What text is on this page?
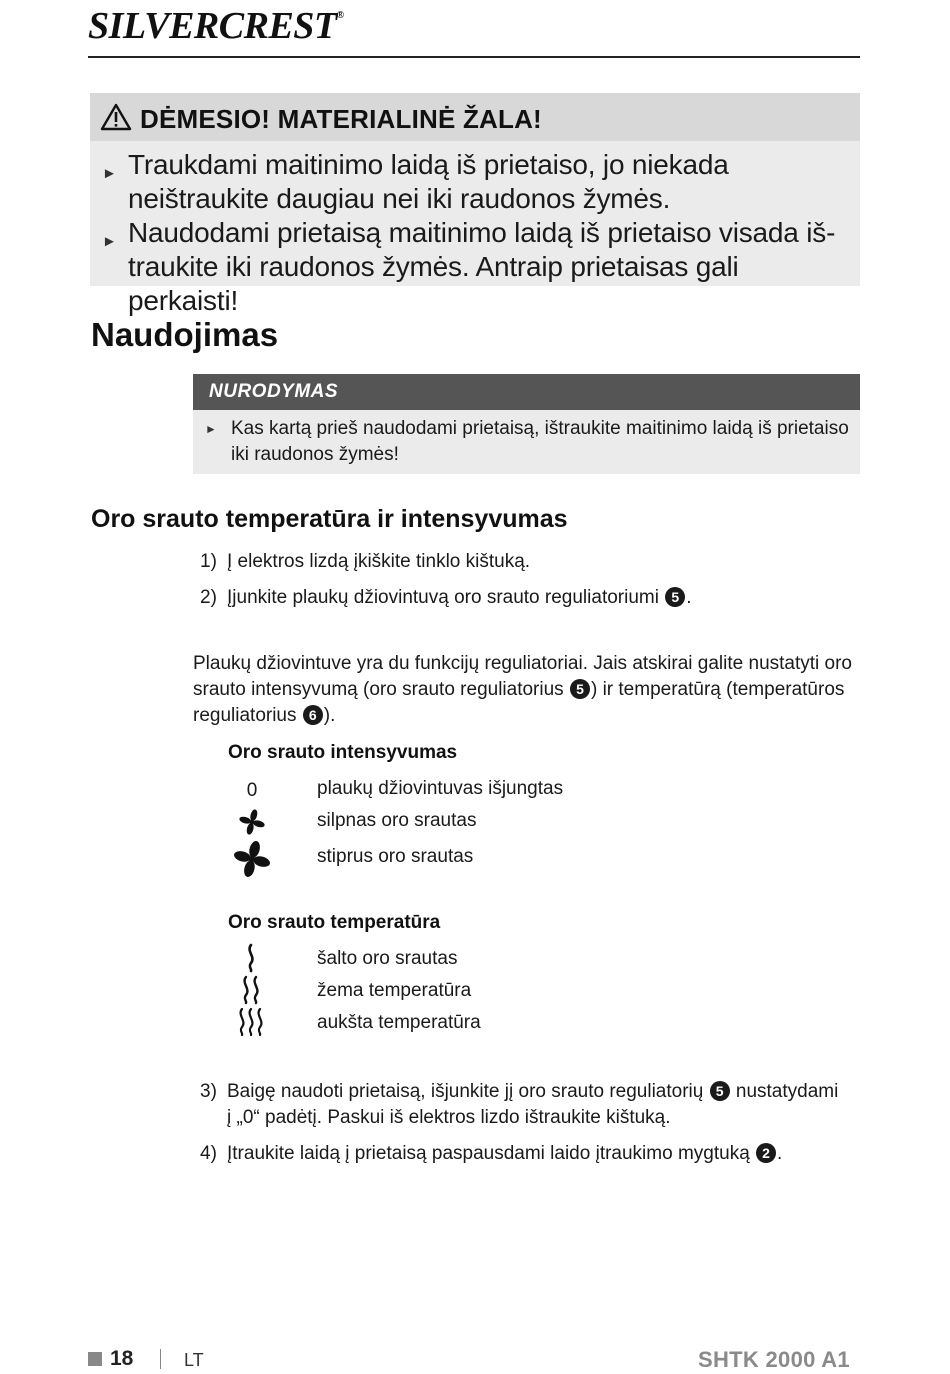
SILVERCREST®
DĖMESIO! MATERIALINĖ ŽALA!
► Traukdami maitinimo laidą iš prietaiso, jo niekada neištraukite daugiau nei iki raudonos žymės.
► Naudodami prietaisą maitinimo laidą iš prietaiso visada iš-traukite iki raudonos žymės. Antraip prietaisas gali perkaisti!
Naudojimas
NURODYMAS
► Kas kartą prieš naudodami prietaisą, ištraukite maitinimo laidą iš prietaiso iki raudonos žymės!
Oro srauto temperatūra ir intensyvumas
1) Į elektros lizdą įkiškite tinklo kištuką.
2) Įjunkite plaukų džiovintuvą oro srauto reguliatoriumi 5 .
Plaukų džiovintuve yra du funkcijų reguliatoriai. Jais atskirai galite nustatyti oro srauto intensyvumą (oro srauto reguliatorius 5 ) ir temperatūrą (temperatūros reguliatorius 6 ).
Oro srauto intensyvumas
0	plaukų džiovintuvas išjungtas
silpnas oro srautas
stiprus oro srautas
Oro srauto temperatūra
šalto oro srautas
žema temperatūra
aukšta temperatūra
3) Baigę naudoti prietaisą, išjunkite jį oro srauto reguliatorių 5 nustatydami į „0“ padėtį. Paskui iš elektros lizdo ištraukite kištuką.
4) Įtraukite laidą į prietaisą paspausdami laido įtraukimo mygtuką 2 .
18	LT	SHTK 2000 A1
